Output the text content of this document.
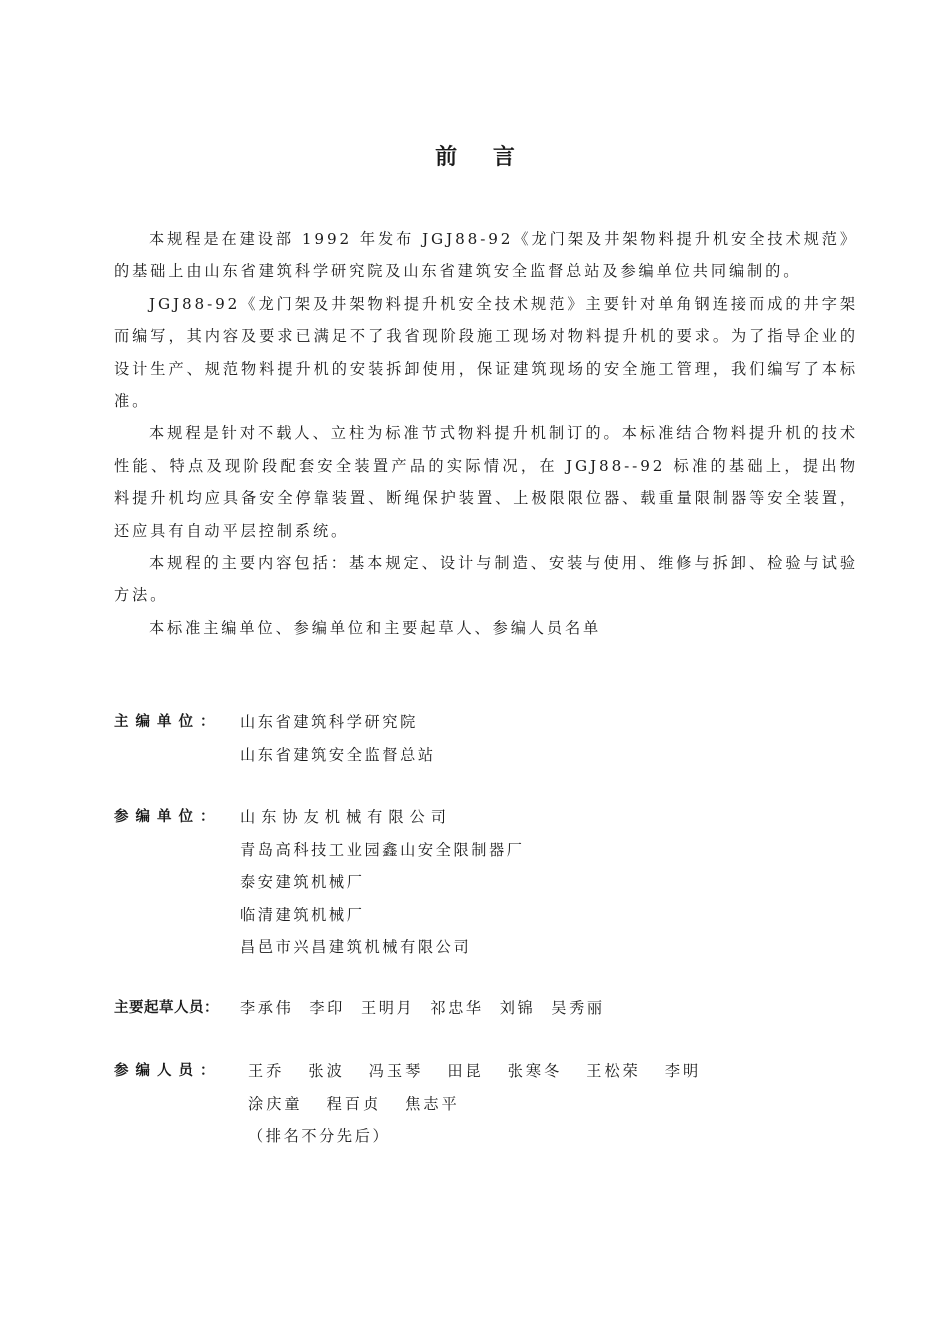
前 言

本规程是在建设部 1992 年发布 JGJ88-92《龙门架及井架物料提升机安全技术规范》的基础上由山东省建筑科学研究院及山东省建筑安全监督总站及参编单位共同编制的。

JGJ88-92《龙门架及井架物料提升机安全技术规范》主要针对单角钢连接而成的井字架而编写，其内容及要求已满足不了我省现阶段施工现场对物料提升机的要求。为了指导企业的设计生产、规范物料提升机的安装拆卸使用，保证建筑现场的安全施工管理，我们编写了本标准。

本规程是针对不载人、立柱为标准节式物料提升机制订的。本标准结合物料提升机的技术性能、特点及现阶段配套安全装置产品的实际情况，在 JGJ88--92 标准的基础上，提出物料提升机均应具备安全停靠装置、断绳保护装置、上极限限位器、载重量限制器等安全装置，还应具有自动平层控制系统。

本规程的主要内容包括：基本规定、设计与制造、安装与使用、维修与拆卸、检验与试验方法。

本标准主编单位、参编单位和主要起草人、参编人员名单

主编单位： 山东省建筑科学研究院
山东省建筑安全监督总站
参编单位： 山东协友机械有限公司
青岛高科技工业园鑫山安全限制器厂
泰安建筑机械厂
临清建筑机械厂
昌邑市兴昌建筑机械有限公司
主要起草人员： 李承伟 李印 王明月 祁忠华 刘锦 吴秀丽
参编人员： 王乔 张波 冯玉琴 田昆 张寒冬 王松荣 李明
涂庆童 程百贞 焦志平
（排名不分先后）
